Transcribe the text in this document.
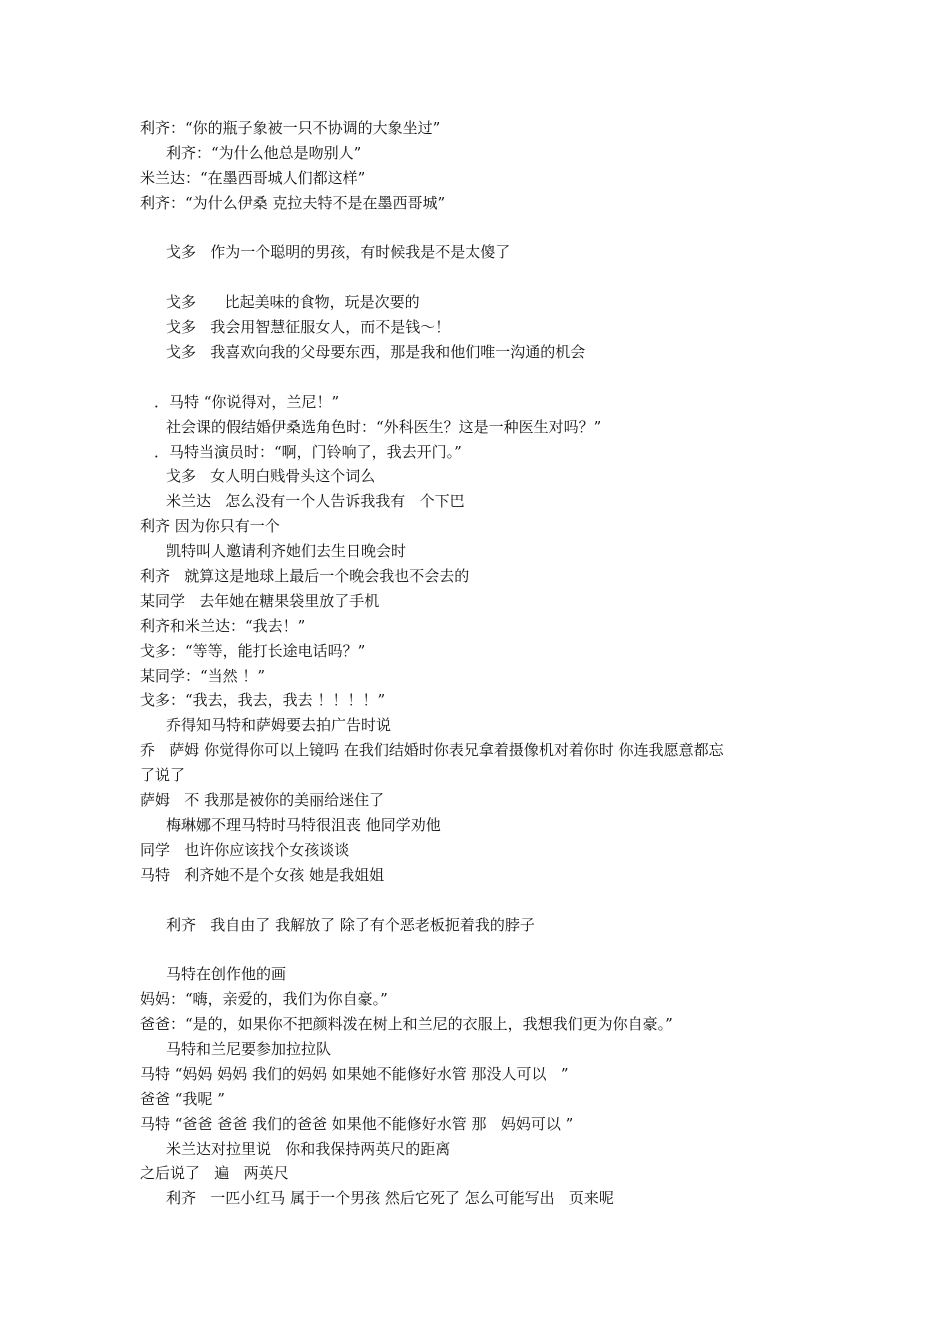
利齐：“你的瓶子象被一只不协调的大象坐过”
利齐：“为什么他总是吻别人”
米兰达：“在墨西哥城人们都这样”
利齐：“为什么伊桑 克拉夫特不是在墨西哥城”
戈多   作为一个聪明的男孩，有时候我是不是太傻了
戈多      比起美味的食物，玩是次要的
戈多   我会用智慧征服女人，而不是钱～！
戈多   我喜欢向我的父母要东西，那是我和他们唯一沟通的机会
．马特 “你说得对，兰尼！”
社会课的假结婚伊桑选角色时：“外科医生？这是一种医生对吗？”
．马特当演员时：“啊，门铃响了，我去开门。”
戈多   女人明白贱骨头这个词么
米兰达   怎么没有一个人告诉我我有   个下巴
利齐 因为你只有一个
凯特叫人邀请利齐她们去生日晚会时
利齐   就算这是地球上最后一个晚会我也不会去的
某同学   去年她在糖果袋里放了手机
利齐和米兰达：“我去！”
戈多：“等等，能打长途电话吗？”
某同学：“当然 ！”
戈多：“我去，我去，我去 ！！！！”
乔得知马特和萨姆要去拍广告时说
乔   萨姆 你觉得你可以上镜吗 在我们结婚时你表兄拿着摄像机对着你时 你连我愿意都忘
了说了
萨姆   不 我那是被你的美丽给迷住了
梅琳娜不理马特时马特很沮丧 他同学劝他
同学   也许你应该找个女孩谈谈
马特   利齐她不是个女孩 她是我姐姐
利齐   我自由了 我解放了 除了有个恶老板扼着我的脖子
马特在创作他的画
妈妈：“嗨，亲爱的，我们为你自豪。”
爸爸：“是的，如果你不把颜料泼在树上和兰尼的衣服上，我想我们更为你自豪。”
马特和兰尼要参加拉拉队
马特 “妈妈 妈妈 我们的妈妈 如果她不能修好水管 那没人可以   ”
爸爸 “我呢 ”
马特 “爸爸 爸爸 我们的爸爸 如果他不能修好水管 那   妈妈可以 ”
米兰达对拉里说   你和我保持两英尺的距离
之后说了   遍   两英尺
利齐   一匹小红马 属于一个男孩 然后它死了 怎么可能写出   页来呢
